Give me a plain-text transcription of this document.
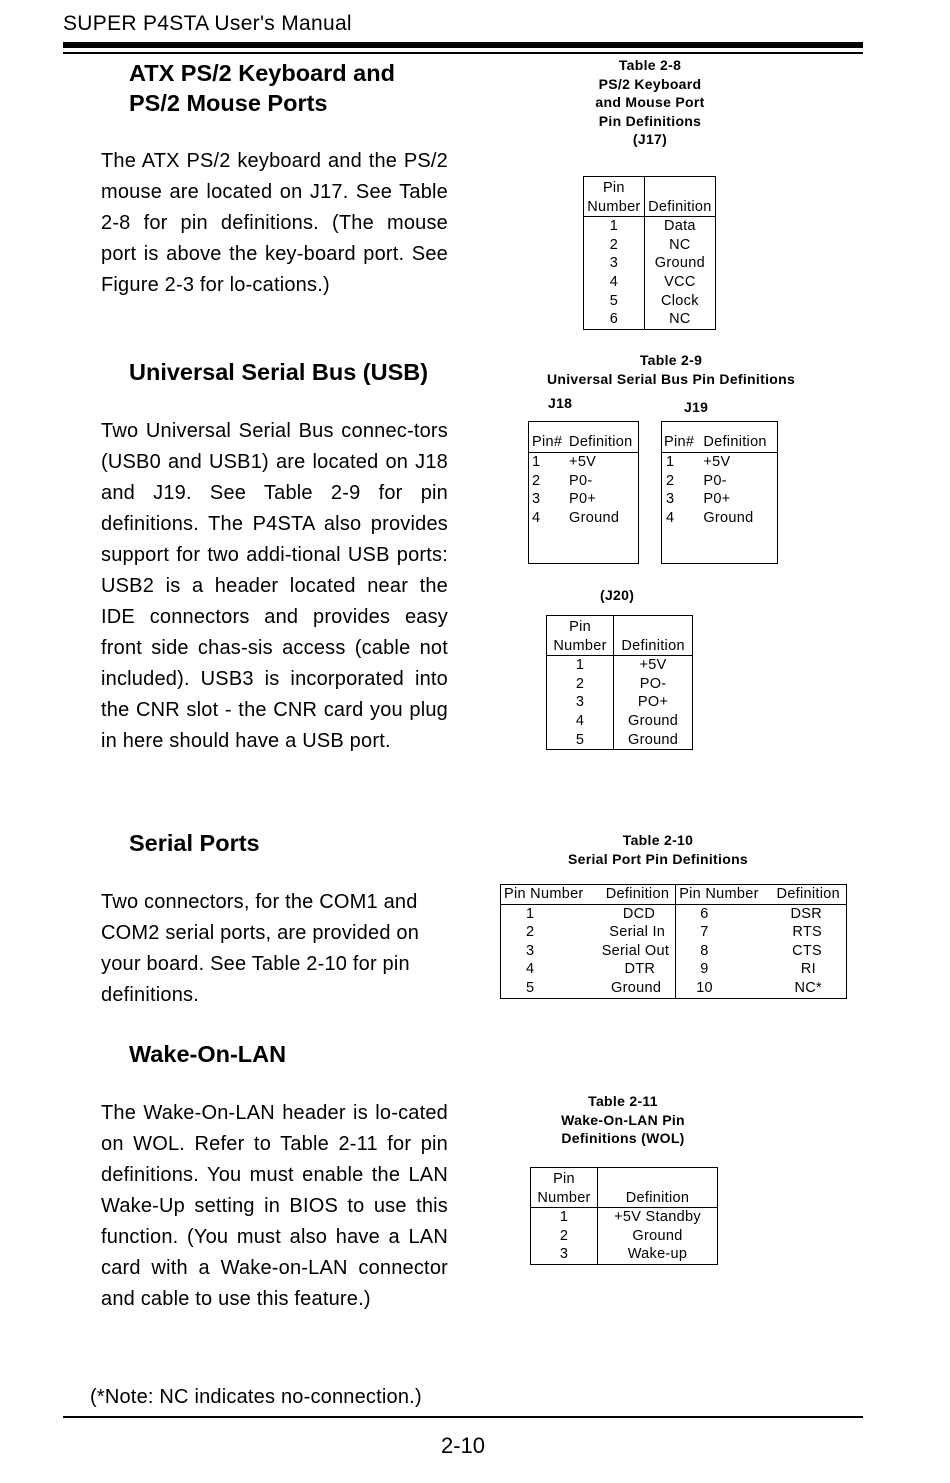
SUPER P4STA User's Manual
ATX PS/2 Keyboard and
PS/2 Mouse Ports

The ATX PS/2 keyboard and the PS/2 mouse are located on J17. See Table 2-8 for pin definitions. (The mouse port is above the key-board port. See Figure 2-3 for lo-cations.)

Universal Serial Bus (USB)

Two Universal Serial Bus connec-tors (USB0 and USB1) are located on J18 and J19. See Table 2-9 for pin definitions. The P4STA also provides support for two addi-tional USB ports: USB2 is a header located near the IDE connectors and provides easy front side chas-sis access (cable not included). USB3 is incorporated into the CNR slot - the CNR card you plug in here should have a USB port.

Serial Ports

Two connectors, for the COM1 and COM2 serial ports, are provided on your board. See Table 2-10 for pin definitions.

Wake-On-LAN

The Wake-On-LAN header is lo-cated on WOL. Refer to Table 2-11 for pin definitions. You must enable the LAN Wake-Up setting in BIOS to use this function. (You must also have a LAN card with a Wake-on-LAN connector and cable to use this feature.)

(*Note: NC indicates no-connection.)
Table 2-8
PS/2 Keyboard
and Mouse Port
Pin Definitions
(J17)
Pin
Number	Definition
1	Data
2	NC
3	Ground
4	VCC
5	Clock
6	NC
Table 2-9
Universal Serial Bus Pin Definitions
J18	J19
Pin#	Definition
1	+5V
2	P0-
3	P0+
4	Ground

Pin#	Definition
1	+5V
2	P0-
3	P0+
4	Ground

(J20)
Pin
Number	Definition
1	+5V
2	PO-
3	PO+
4	Ground
5	Ground
Table 2-10
Serial Port Pin Definitions
Pin Number	Definition	Pin Number	Definition
1	DCD	6	DSR
2	Serial In	7	RTS
3	Serial Out	8	CTS
4	DTR	9	RI
5	Ground	10	NC*
Table 2-11
Wake-On-LAN Pin
Definitions (WOL)
Pin
Number	Definition
1	+5V Standby
2	Ground
3	Wake-up
2-10
